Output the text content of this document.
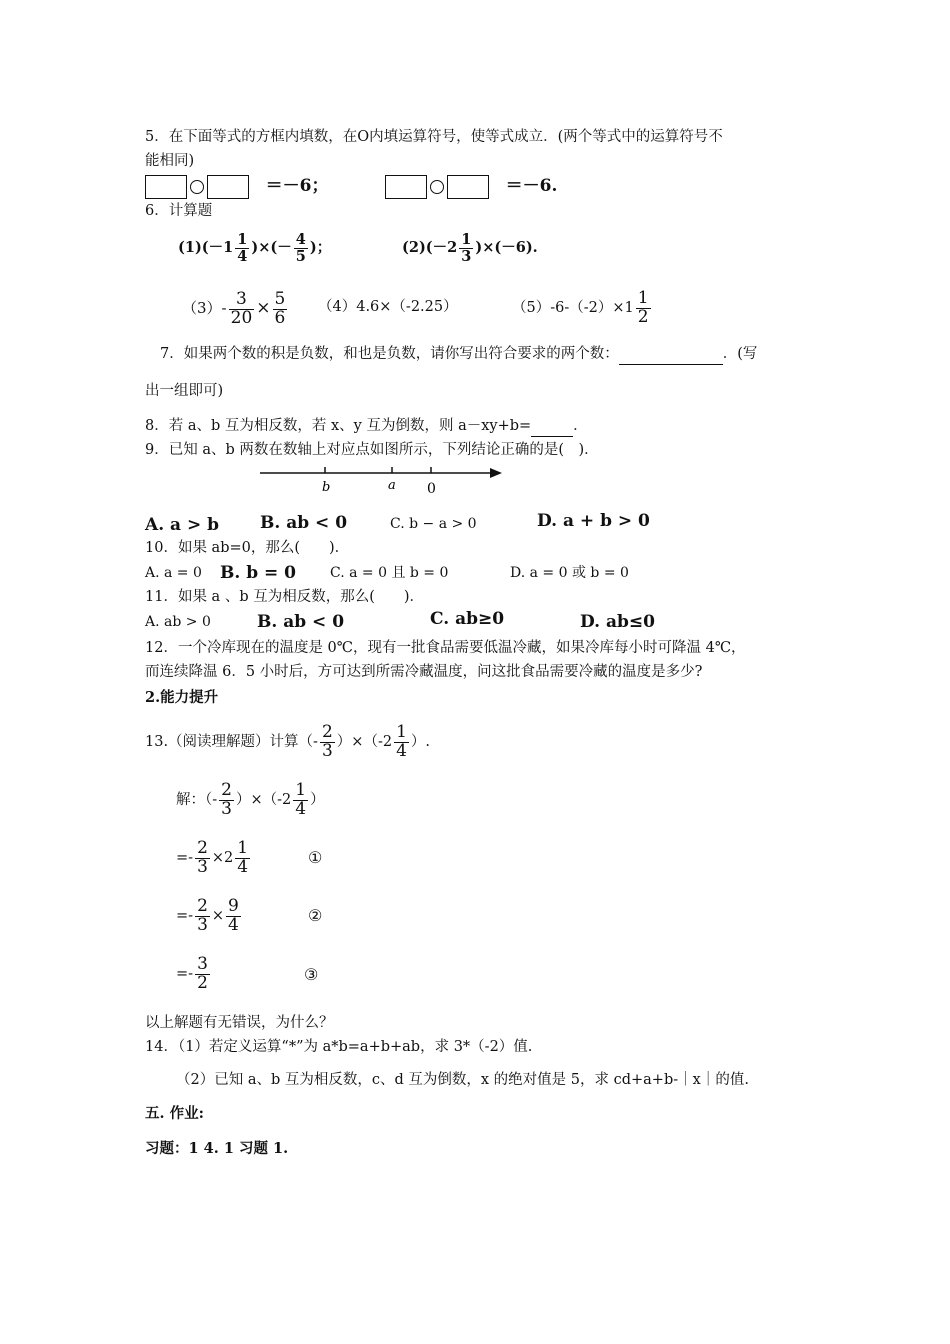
5．在下面等式的方框内填数，在О内填运算符号，使等式成立．(两个等式中的运算符号不
能相同)
＝－6；	＝－6.
6．计算题
$(1)(-1 \frac{1}{4}$ )×(－ $\frac{4}{5}$ )；	$(2)(-2 \frac{1}{3} )\times(-6)$.
$(3)- \frac{3}{20} \times \frac{5}{6} (4)4.6\times(-2.25)$	$(5)-6-(-2)\times 1 \frac{1}{2}$
7．如果两个数的积是负数，和也是负数，请你写出符合要求的两个数：	．(写
出一组即可)
8．若 a、b 互为相反数，若 x、y 互为倒数，则 a－xy+b=	．
9．已知 a、b 两数在数轴上对应点如图所示，下列结论正确的是(　)．
b	a 0
A. a > b B. ab < 0	C. b − a > 0	D. a + b > 0
10．如果 ab=0，那么(　　)．
A. a = 0 B. b = 0 C. a = 0 且 b = 0	D. a = 0 或 b = 0
11．如果 a 、b 互为相反数，那么(　　)．
A. ab > 0	B. ab < 0	C. ab≥0	D. ab≤0
12．一个冷库现在的温度是 0℃，现有一批食品需要低温冷藏，如果冷库每小时可降温 4℃，
而连续降温 6．5 小时后，方可达到所需冷藏温度，问这批食品需要冷藏的温度是多少?
2.能力提升
13.（阅读理解题）计算（- $\frac{2}{3} )\times(-2 \frac{1}{4}$ ）.
解：（- $\frac{2}{3} )\times(-2 \frac{1}{4}$ ）
=- $\frac{2}{3} \times 2 \frac{1}{4}$	①
=- $\frac{2}{3} \times \frac{9}{4}$	②
=- $\frac{3}{2}$	③
以上解题有无错误，为什么？
14．（1）若定义运算“*”为 a*b=a+b+ab，求 3*（-2）值.
（2）已知 a、b 互为相反数，c、d 互为倒数，x 的绝对值是 5，求 cd+a+b-｜x｜的值.
五. 作业:
习题：1 4. 1 习题 1.
